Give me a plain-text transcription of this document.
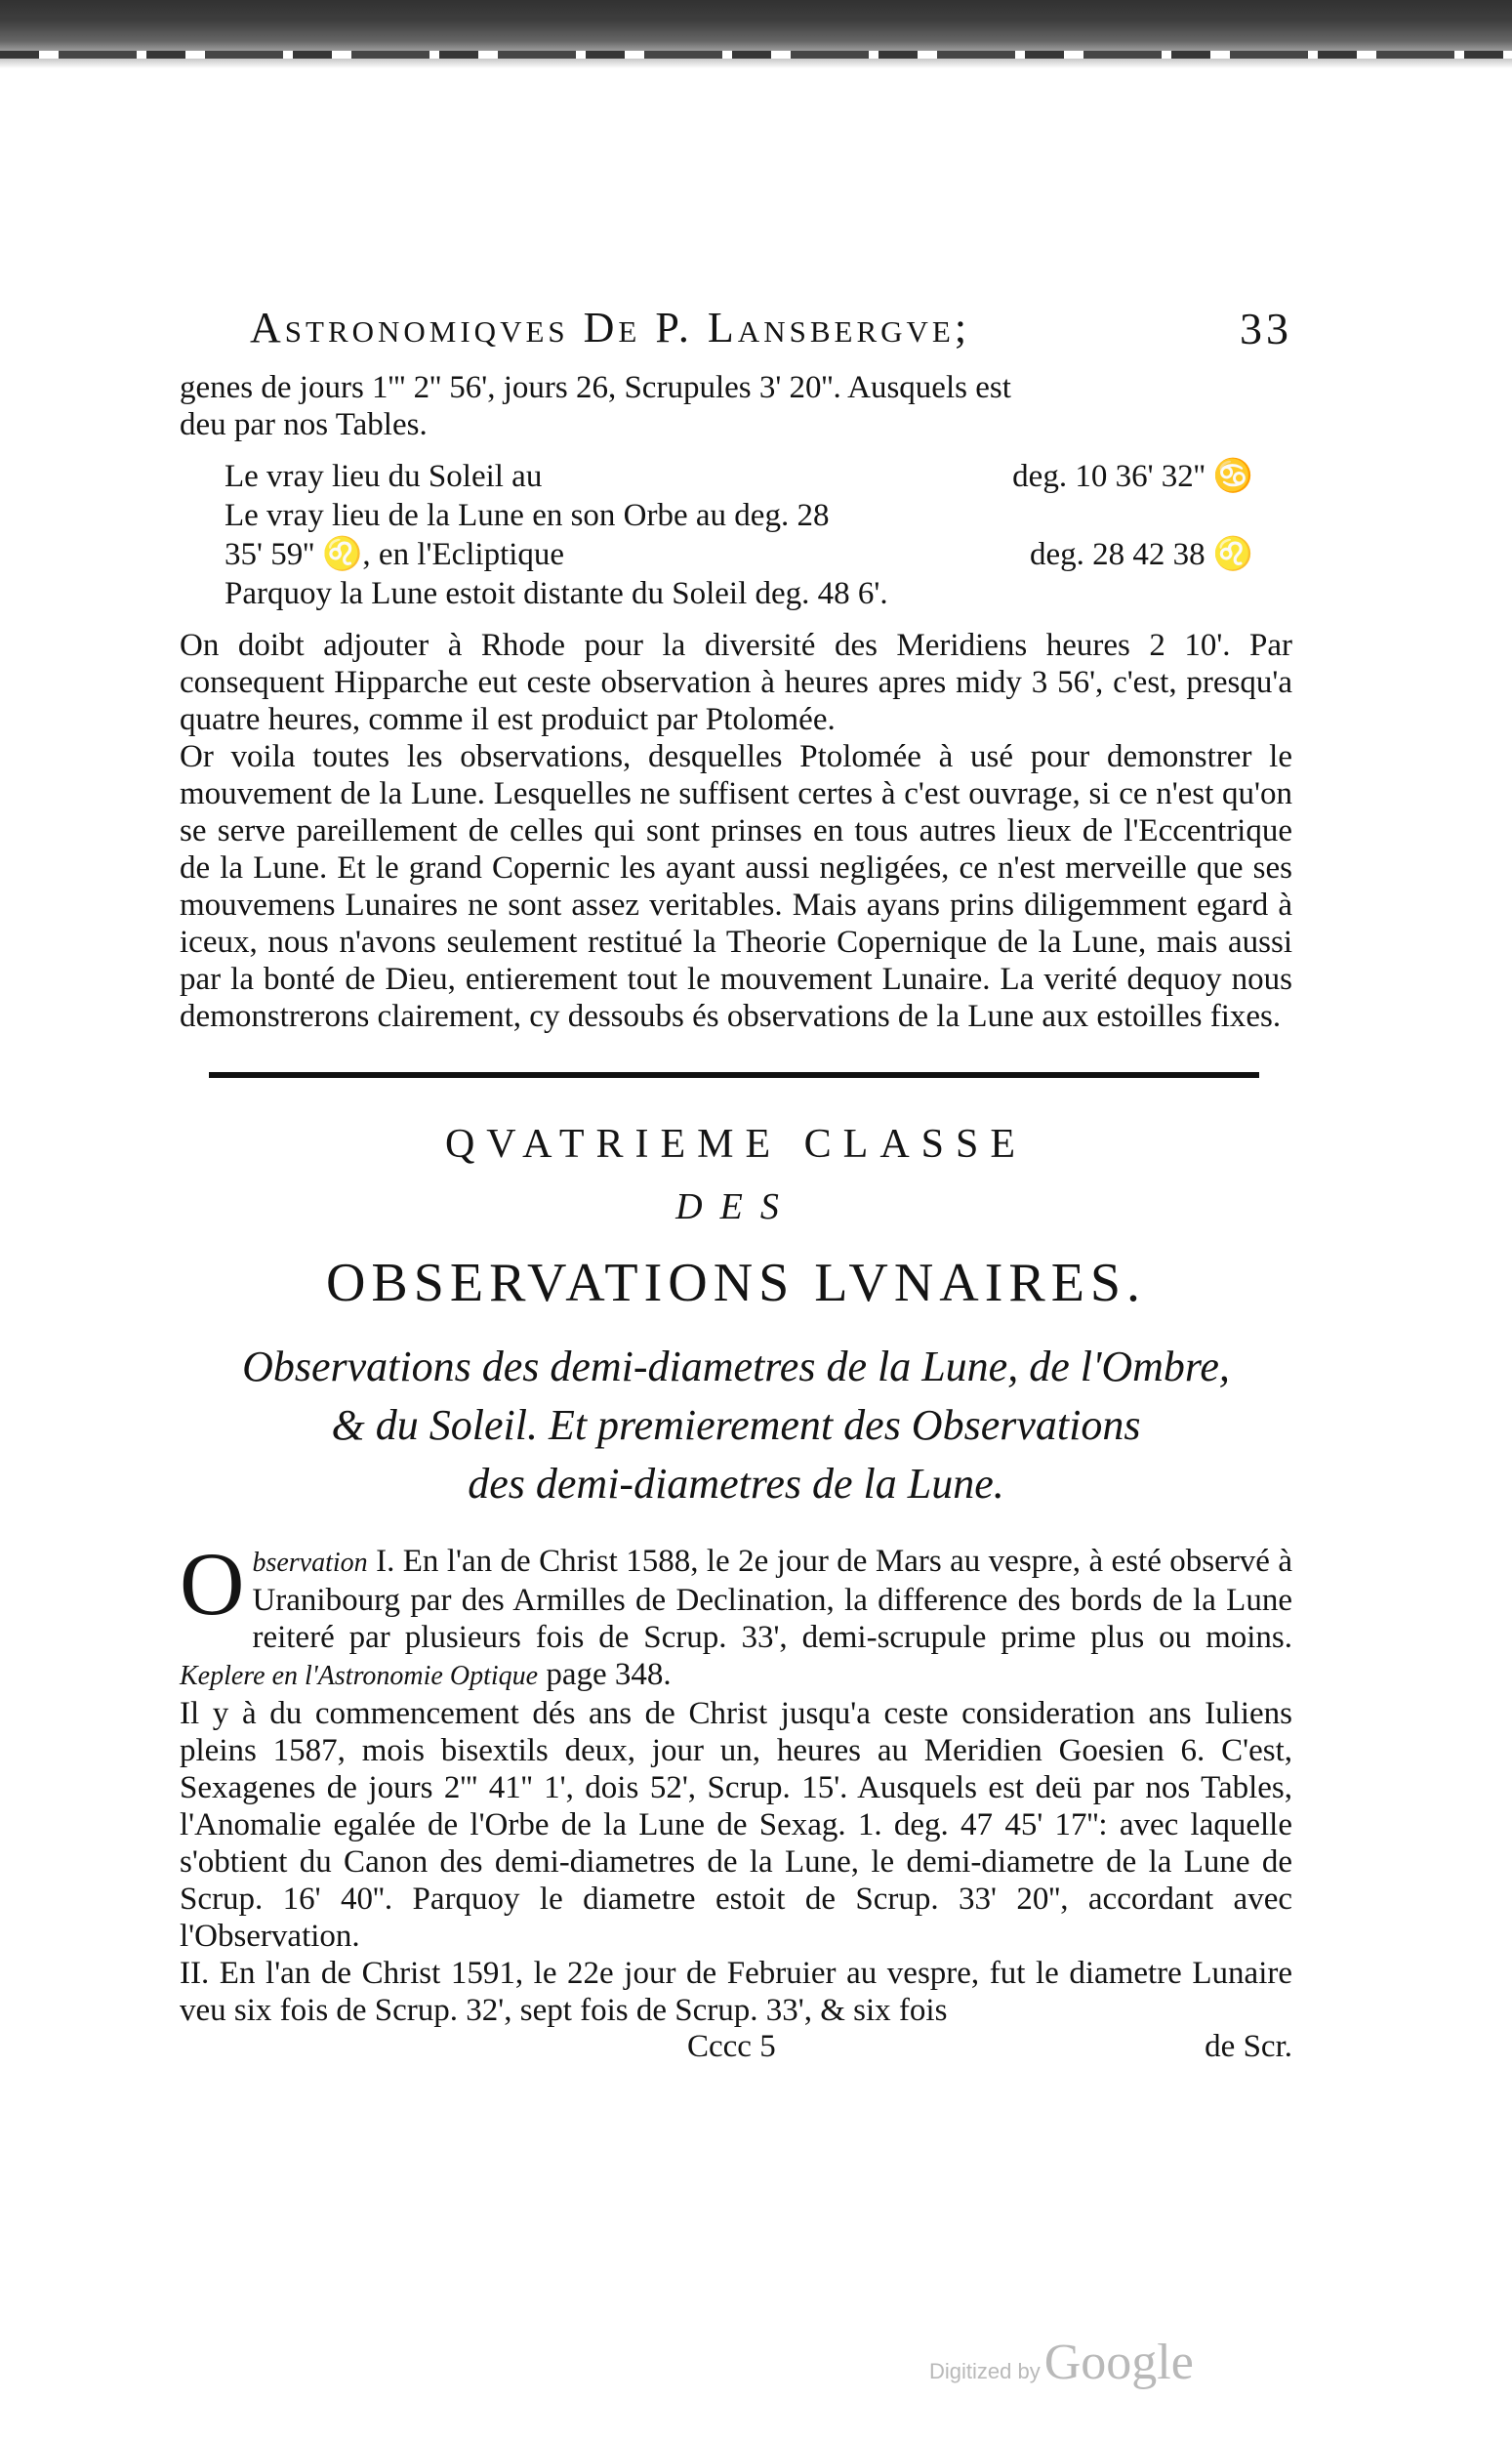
Astronomiqves De P. Lansbergve;	33

genes de jours 1''' 2'' 56', jours 26, Scrupules 3' 20''. Ausquels est

deu par nos Tables.

Le vray lieu du Soleil au	deg. 10 36' 32'' ♋
Le vray lieu de la Lune en son Orbe au deg. 28
35' 59'' ♌, en l'Ecliptique	deg. 28 42 38 ♌
Parquoy la Lune estoit distante du Soleil deg. 48 6'.

On doibt adjouter à Rhode pour la diversité des Meridiens heures 2 10'. Par consequent Hipparche eut ceste observation à heures apres midy 3 56', c'est, presqu'a quatre heures, comme il est produict par Ptolomée.

Or voila toutes les observations, desquelles Ptolomée à usé pour demonstrer le mouvement de la Lune. Lesquelles ne suffisent certes à c'est ouvrage, si ce n'est qu'on se serve pareillement de celles qui sont prinses en tous autres lieux de l'Eccentrique de la Lune. Et le grand Copernic les ayant aussi negligées, ce n'est merveille que ses mouvemens Lunaires ne sont assez veritables. Mais ayans prins diligemment egard à iceux, nous n'avons seulement restitué la Theorie Copernique de la Lune, mais aussi par la bonté de Dieu, entierement tout le mouvement Lunaire. La verité dequoy nous demonstrerons clairement, cy dessoubs és observations de la Lune aux estoilles fixes.

QVATRIEME CLASSE
DES
OBSERVATIONS LVNAIRES.
Observations des demi-diametres de la Lune, de l'Ombre,
& du Soleil. Et premierement des Observations
des demi-diametres de la Lune.

Observation I. En l'an de Christ 1588, le 2e jour de Mars au vespre, à esté observé à Uranibourg par des Armilles de Declination, la difference des bords de la Lune reiteré par plusieurs fois de Scrup. 33', demi-scrupule prime plus ou moins. Keplere en l'Astronomie Optique page 348.

Il y à du commencement dés ans de Christ jusqu'a ceste consideration ans Iuliens pleins 1587, mois bisextils deux, jour un, heures au Meridien Goesien 6. C'est, Sexagenes de jours 2''' 41'' 1', dois 52', Scrup. 15'. Ausquels est deü par nos Tables, l'Anomalie egalée de l'Orbe de la Lune de Sexag. 1. deg. 47 45' 17'': avec laquelle s'obtient du Canon des demi-diametres de la Lune, le demi-diametre de la Lune de Scrup. 16' 40''. Parquoy le diametre estoit de Scrup. 33' 20'', accordant avec l'Observation.

II. En l'an de Christ 1591, le 22e jour de Februier au vespre, fut le diametre Lunaire veu six fois de Scrup. 32', sept fois de Scrup. 33', & six fois

Cccc 5	de Scr.
Digitized by Google
